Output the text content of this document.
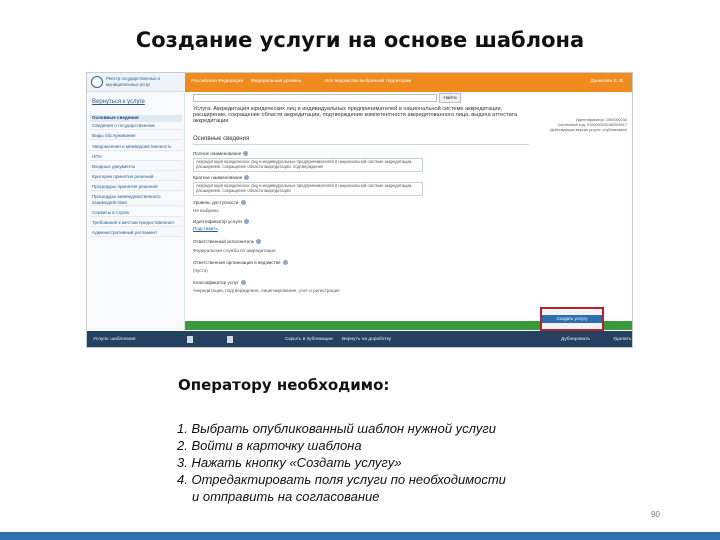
Создание услуги на основе шаблона
Реестр государственных и муниципальных услуг
Российская Федерация Федеральный уровень	Все ведомства выбранной территории	Данилова Е. В.
Вернуться к услуге
Основные сведения
Сведения о государственном
Виды обслуживания
Уведомления и межведомственность
НПА
Входные документы
Критерии принятия решений
Процедуры принятия решений
Процедуры межведомственного взаимодействия
Сервисы в строю
Требования к местам предоставления
Административный регламент
Найти
Услуга: Аккредитация юридических лиц и индивидуальных предпринимателей в национальной системе аккредитации, расширение, сокращение области аккредитации, подтверждение компетентности аккредитованного лица, выдача аттестата аккредитации	Идентификатор: 1000000234
Системный код: 0100000000165328917
Действующая версия услуги: опубликовано
Основные сведения
Полное наименование
Аккредитация юридических лиц и индивидуальных предпринимателей в национальной системе аккредитации, расширение, сокращение области аккредитации, подтверждение
Краткое наименование
Аккредитация юридических лиц и индивидуальных предпринимателей в национальной системе аккредитации, расширение, сокращение области аккредитации
Уровень доступности
Не выбрано
Идентификатор услуги
Подставить
Ответственный исполнитель
Федеральная служба по аккредитации
Ответственная организация в ведомстве
(пусто)
Классификатор услуг
Аккредитация, подтверждение, лицензирование, учет и регистрация
Услуга: шаблонная	Скрыть в публикации Вернуть на доработку	Дублировать	Удалить
Создать услугу
Оператору необходимо:
1. Выбрать опубликованный шаблон нужной услуги
2. Войти в карточку шаблона
3. Нажать кнопку «Создать услугу»
4. Отредактировать поля услуги по необходимости
и отправить на согласование
90
